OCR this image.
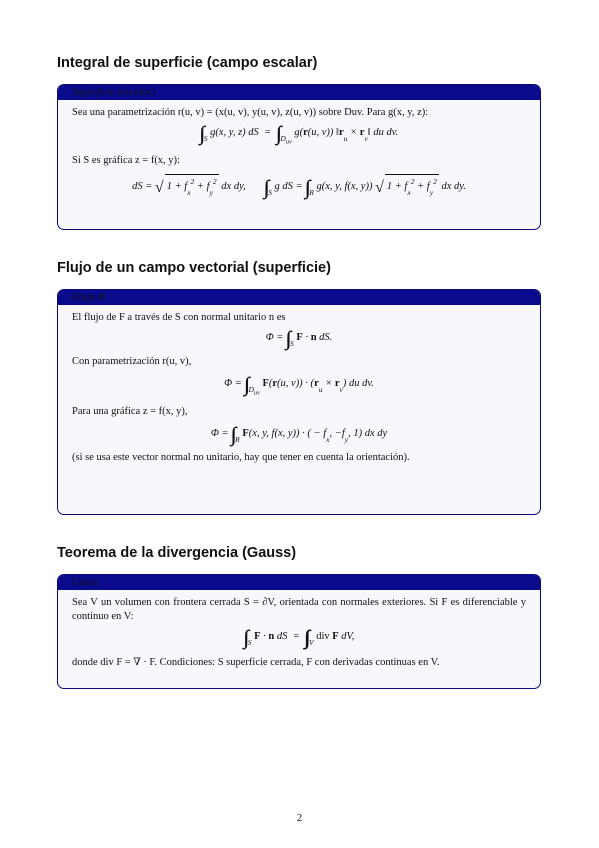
Integral de superficie (campo escalar)
Superficie (escalar)

Sea una parametrización r(u, v) = (x(u, v), y(u, v), z(u, v)) sobre Duv. Para g(x, y, z):

$_S$ g(x, y, z) dS  =  $_{D_{uv}}$ g(r(u, v)) $‖r_u$ × $r_v‖$ du dv.

Si S es gráfica z = f(x, y):

dS = √ $1 + f_x^2 + f_y^2$ dx dy,       $_S$ g dS = $_R$ g(x, y, f(x, y)) √ $1 + f_x^2 + f_y^2$ dx dy.
Flujo de un campo vectorial (superficie)
Flujo Φ

El flujo de F a través de S con normal unitario n es

Φ = $_S$ F · n dS.

Con parametrización r(u, v),

Φ = $_{D_{uv}}$ F(r(u, $v)) \cdot (r_u \times r_v)$ du dv.

Para una gráfica z = f(x, y),

Φ = $_R$ F(x, y, f(x, y)) · ( − $f_x$, $-f_y$, 1) dx dy

(si se usa este vector normal no unitario, hay que tener en cuenta la orientación).

Teorema de la divergencia (Gauss)
Gauss

Sea V un volumen con frontera cerrada S = ∂V, orientada con normales exteriores. Si F es diferenciable y continuo en V:

$_S$ F · n dS  =  $_V$ div F dV,

donde div F = ∇ · F. Condiciones: S superficie cerrada, F con derivadas continuas en V.

2
